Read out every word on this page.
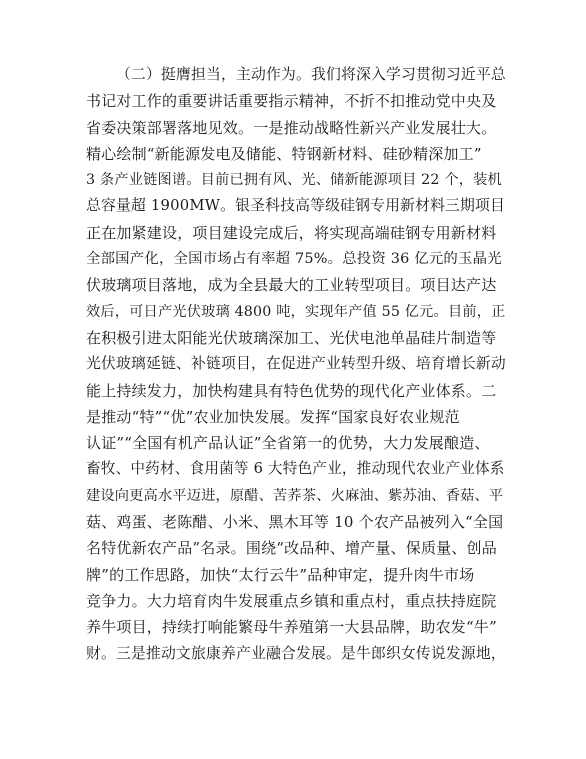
（二）挺膺担当，主动作为。我们将深入学习贯彻习近平总
书记对工作的重要讲话重要指示精神，不折不扣推动党中央及
省委决策部署落地见效。一是推动战略性新兴产业发展壮大。
精心绘制“新能源发电及储能、特钢新材料、硅砂精深加工”
3 条产业链图谱。目前已拥有风、光、储新能源项目 22 个，装机
总容量超 1900MW。银圣科技高等级硅钢专用新材料三期项目
正在加紧建设，项目建设完成后，将实现高端硅钢专用新材料
全部国产化，全国市场占有率超 75%。总投资 36 亿元的玉晶光
伏玻璃项目落地，成为全县最大的工业转型项目。项目达产达
效后，可日产光伏玻璃 4800 吨，实现年产值 55 亿元。目前，正
在积极引进太阳能光伏玻璃深加工、光伏电池单晶硅片制造等
光伏玻璃延链、补链项目，在促进产业转型升级、培育增长新动
能上持续发力，加快构建具有特色优势的现代化产业体系。二
是推动“特”“优”农业加快发展。发挥“国家良好农业规范
认证”“全国有机产品认证”全省第一的优势，大力发展酿造、
畜牧、中药材、食用菌等 6 大特色产业，推动现代农业产业体系
建设向更高水平迈进，原醋、苦荞茶、火麻油、紫苏油、香菇、平
菇、鸡蛋、老陈醋、小米、黑木耳等 10 个农产品被列入“全国
名特优新农产品”名录。围绕“改品种、增产量、保质量、创品
牌”的工作思路，加快“太行云牛”品种审定，提升肉牛市场
竞争力。大力培育肉牛发展重点乡镇和重点村，重点扶持庭院
养牛项目，持续打响能繁母牛养殖第一大县品牌，助农发“牛”
财。三是推动文旅康养产业融合发展。是牛郎织女传说发源地，
